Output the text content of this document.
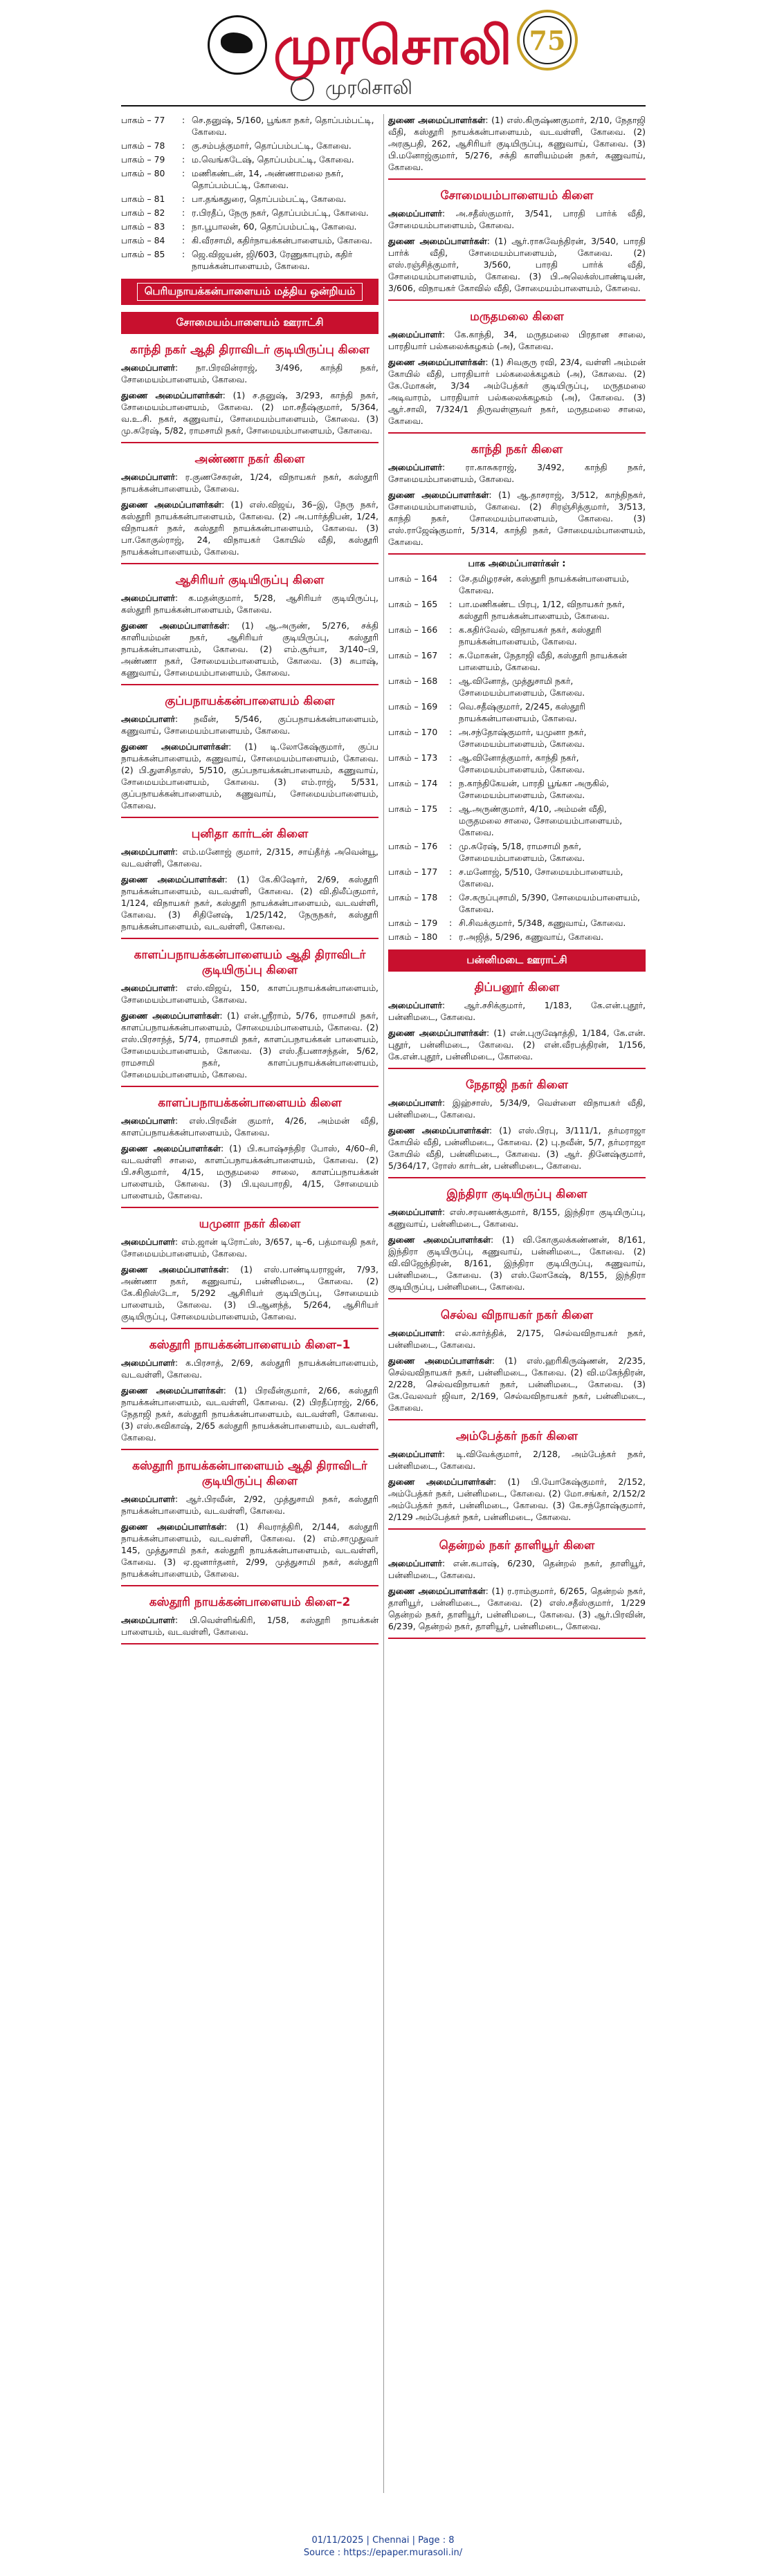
முரசொலி 75
முரசொலி
பாகம் – 77	: செ.தனுஷ், 5/160, பூங்கா நகர், தொப்பம்பட்டி, கோவை.
பாகம் – 78	: கு.சம்பத்குமார், தொப்பம்பட்டி, கோவை.
பாகம் – 79	: ம.வெங்கடேஷ், தொப்பம்பட்டி, கோவை.
பாகம் – 80	: மணிகண்டன், 14, அண்ணாமலை நகர், தொப்பம்பட்டி, கோவை.
பாகம் – 81	: பா.தங்கதுரை, தொப்பம்பட்டி, கோவை.
பாகம் – 82	: ர.பிரதீப், நேரு நகர், தொப்பம்பட்டி, கோவை.
பாகம் – 83	: நா.பூபாலன், 60, தொப்பம்பட்டி, கோவை.
பாகம் – 84	: கி.வீரசாமி, கதிர்நாயக்கன்பாளையம், கோவை.
பாகம் – 85	: ஜெ.விஜயன், ஜி/603, ரேணுகாபுரம், கதிர் நாயக்கன்பாளையம், கோவை.
பெரியநாயக்கன்பாளையம் மத்திய ஒன்றியம்
சோமையம்பாளையம் ஊராட்சி
காந்தி நகர் ஆதி திராவிடர் குடியிருப்பு கிளை
அமைப்பாளர்: நா.பிரவின்ராஜ், 3/496, காந்தி நகர், சோமையம்பாளையம், கோவை.
துணை அமைப்பாளர்கள்: (1) ச.தனுஷ், 3/293, காந்தி நகர், சோமையம்பாளையம், கோவை. (2) மா.சதீஷ்குமார், 5/364, வ.உ.சி. நகர், கணுவாய், சோமையம்பாளையம், கோவை. (3) மு.சுரேஷ், 5/82, ராமசாமி நகர், சோமையம்பாளையம், கோவை.
அண்ணா நகர் கிளை
அமைப்பாளர்: ர.குணசேகரன், 1/24, விநாயகர் நகர், கஸ்தூரி நாயக்கன்பாளையம், கோவை.
துணை அமைப்பாளர்கள்: (1) எஸ்.விஜய், 36–இ, நேரு நகர், கஸ்தூரி நாயக்கன்பாளையம், கோவை. (2) அ.பார்த்திபன், 1/24, விநாயகர் நகர், கஸ்தூரி நாயக்கன்பாளையம், கோவை. (3) பா.கோகுல்ராஜ், 24, விநாயகர் கோயில் வீதி, கஸ்தூரி நாயக்கன்பாளையம், கோவை.
ஆசிரியர் குடியிருப்பு கிளை
அமைப்பாளர்: க.மதன்குமார், 5/28, ஆசிரியர் குடியிருப்பு, கஸ்தூரி நாயக்கன்பாளையம், கோவை.
துணை அமைப்பாளர்கள்: (1) ஆ.அருண், 5/276, சக்தி காளியம்மன் நகர், ஆசிரியர் குடியிருப்பு, கஸ்தூரி நாயக்கன்பாளையம், கோவை. (2) எம்.சூர்யா, 3/140–பி, அண்ணா நகர், சோமையம்பாளையம், கோவை. (3) சுபாஷ், கணுவாய், சோமையம்பாளையம், கோவை.
குப்பநாயக்கன்பாளையம் கிளை
அமைப்பாளர்: நவீன், 5/546, குப்பநாயக்கன்பாளையம், கணுவாய், சோமையம்பாளையம், கோவை.
துணை அமைப்பாளர்கள்: (1) டி.லோகேஷ்குமார், குப்ப நாயக்கன்பாளையம், கணுவாய், சோமையம்பாளையம், கோவை. (2) பி.துளசிதாஸ், 5/510, குப்பநாயக்கன்பாளையம், கணுவாய், சோமையம்பாளையம், கோவை. (3) எம்.ராஜ், 5/531, குப்பநாயக்கன்பாளையம், கணுவாய், சோமையம்பாளையம், கோவை.
புனிதா கார்டன் கிளை
அமைப்பாளர்: எம்.மனோஜ் குமார், 2/315, சாய்தீர்த் அவென்யூ, வடவள்ளி, கோவை.
துணை அமைப்பாளர்கள்: (1) கே.கிஷோர், 2/69, கஸ்தூரி நாயக்கன்பாளையம், வடவள்ளி, கோவை. (2) வி.திலீப்குமார், 1/124, விநாயகர் நகர், கஸ்தூரி நாயக்கன்பாளையம், வடவள்ளி, கோவை. (3) சிதினேஷ், 1/25/142, நேருநகர், கஸ்தூரி நாயக்கன்பாளையம், வடவள்ளி, கோவை.
காளப்பநாயக்கன்பாளையம் ஆதி திராவிடர் குடியிருப்பு கிளை
அமைப்பாளர்: எஸ்.விஜய், 150, காளப்பநாயக்கன்பாளையம், சோமையம்பாளையம், கோவை.
துணை அமைப்பாளர்கள்: (1) என்.ஸ்ரீராம், 5/76, ராமசாமி நகர், காளப்பநாயக்கன்பாளையம், சோமையம்பாளையம், கோவை. (2) எஸ்.பிரசாந்த், 5/74, ராமசாமி நகர், காளப்பநாயக்கன் பாளையம், சோமையம்பாளையம், கோவை. (3) எஸ்.தீபனாசந்தன், 5/62, ராமசாமி நகர், காளப்பநாயக்கன்பாளையம், சோமையம்பாளையம், கோவை.
காளப்பநாயக்கன்பாளையம் கிளை
அமைப்பாளர்: எஸ்.பிரவீன் குமார், 4/26, அம்மன் வீதி, காளப்பநாயக்கன்பாளையம், கோவை.
துணை அமைப்பாளர்கள்: (1) பி.சுபாஷ்சந்திர போஸ், 4/60–சி, வடவள்ளி சாலை, காளப்பநாயக்கன்பாளையம், கோவை. (2) பி.சசிகுமார், 4/15, மருதமலை சாலை, காளப்பநாயக்கன் பாளையம், கோவை. (3) பி.யுவபாரதி, 4/15, சோமையம் பாளையம், கோவை.
யமுனா நகர் கிளை
அமைப்பாளர்: எம்.ஜான் டிரோட்ஸ், 3/657, டி–6, பத்மாவதி நகர், சோமையம்பாளையம், கோவை.
துணை அமைப்பாளர்கள்: (1) எஸ்.பாண்டியராஜன், 7/93, அண்ணா நகர், கணுவாய், பன்னிமடை, கோவை. (2) கே.கிறிஸ்டோ, 5/292 ஆசிரியர் குடியிருப்பு, சோமையம் பாளையம், கோவை. (3) பி.ஆனந்த், 5/264, ஆசிரியர் குடியிருப்பு, சோமையம்பாளையம், கோவை.
கஸ்தூரி நாயக்கன்பாளையம் கிளை–1
அமைப்பாளர்: க.பிரசாத், 2/69, கஸ்தூரி நாயக்கன்பாளையம், வடவள்ளி, கோவை.
துணை அமைப்பாளர்கள்: (1) பிரவீன்குமார், 2/66, கஸ்தூரி நாயக்கன்பாளையம், வடவள்ளி, கோவை. (2) பிரதீப்ராஜ், 2/66, நேதாஜி நகர், கஸ்தூரி நாயக்கன்பாளையம், வடவள்ளி, கோவை. (3) எஸ்.சுவிகாஷ், 2/65 கஸ்தூரி நாயக்கன்பாளையம், வடவள்ளி, கோவை.
கஸ்தூரி நாயக்கன்பாளையம் ஆதி திராவிடர் குடியிருப்பு கிளை
அமைப்பாளர்: ஆர்.பிரவீன், 2/92, முத்துசாமி நகர், கஸ்தூரி நாயக்கன்பாளையம், வடவள்ளி, கோவை.
துணை அமைப்பாளர்கள்: (1) சிவராத்திரி, 2/144, கஸ்தூரி நாயக்கன்பாளையம், வடவள்ளி, கோவை. (2) எம்.சாமுதுவர் 145, முத்துசாமி நகர், கஸ்தூரி நாயக்கன்பாளையம், வடவள்ளி, கோவை. (3) ஏ.ஜனார்தனர், 2/99, முத்துசாமி நகர், கஸ்தூரி நாயக்கன்பாளையம், கோவை.
கஸ்தூரி நாயக்கன்பாளையம் கிளை–2
அமைப்பாளர்: பி.வெள்ளிங்கிரி, 1/58, கஸ்தூரி நாயக்கன் பாளையம், வடவள்ளி, கோவை.
துணை அமைப்பாளர்கள்: (1) எஸ்.கிருஷ்ணகுமார், 2/10, நேதாஜி வீதி, கஸ்தூரி நாயக்கன்பாளையம், வடவள்ளி, கோவை. (2) அரசூபதி, 262, ஆசிரியர் குடியிருப்பு, கணுவாய், கோவை. (3) பி.மனோஜ்குமார், 5/276, சக்தி காளியம்மன் நகர், கணுவாய், கோவை.
சோமையம்பாளையம் கிளை
அமைப்பாளர்: அ.சதீஸ்குமார், 3/541, பாரதி பார்க் வீதி, சோமையம்பாளையம், கோவை.
துணை அமைப்பாளர்கள்: (1) ஆர்.ராகவேந்திரன், 3/540, பாரதி பார்க் வீதி, சோமையம்பாளையம், கோவை. (2) எஸ்.ரஞ்சித்குமார், 3/560, பாரதி பார்க் வீதி, சோமையம்பாளையம், கோவை. (3) பி.அலெக்ஸ்பாண்டியன், 3/606, விநாயகர் கோவில் வீதி, சோமையம்பாளையம், கோவை.
மருதமலை கிளை
அமைப்பாளர்: கே.காந்தி, 34, மருதமலை பிரதான சாலை, பாரதியார் பல்கலைக்கழகம் (அ), கோவை.
துணை அமைப்பாளர்கள்: (1) சிவகுரு ரவி, 23/4, வள்ளி அம்மன் கோயில் வீதி, பாரதியார் பல்கலைக்கழகம் (அ), கோவை. (2) கே.மோகன், 3/34 அம்பேத்கர் குடியிருப்பு, மருதமலை அடிவாரம், பாரதியார் பல்கலைக்கழகம் (அ), கோவை. (3) ஆர்.சாலி, 7/324/1 திருவள்ளுவர் நகர், மருதமலை சாலை, கோவை.
காந்தி நகர் கிளை
அமைப்பாளர்: ரா.காசுகராஜ், 3/492, காந்தி நகர், சோமையம்பாளையம், கோவை.
துணை அமைப்பாளர்கள்: (1) ஆ.தாசராஜ், 3/512, காந்திநகர், சோமையம்பாளையம், கோவை. (2) சிரஞ்சித்குமார், 3/513, காந்தி நகர், சோமையம்பாளையம், கோவை. (3) எஸ்.ராஜேஷ்குமார், 5/314, காந்தி நகர், சோமையம்பாளையம், கோவை.
பாக அமைப்பாளர்கள் :
பாகம் – 164	: சே.தமிழரசன், கஸ்தூரி நாயக்கன்பாளையம், கோவை.
பாகம் – 165	: பா.மணிகண்ட பிரபு, 1/12, விநாயகர் நகர், கஸ்தூரி நாயக்கன்பாளையம், கோவை.
பாகம் – 166	: க.கதிர்வேல், விநாயகர் நகர், கஸ்தூரி நாயக்கன்பாளையம், கோவை.
பாகம் – 167	: சு.மோகன், நேதாஜி வீதி, கஸ்தூரி நாயக்கன் பாளையம், கோவை.
பாகம் – 168	: ஆ.வினோத், முத்துசாமி நகர், சோமையம்பாளையம், கோவை.
பாகம் – 169	: வெ.சதீஷ்குமார், 2/245, கஸ்தூரி நாயக்கன்பாளையம், கோவை.
பாகம் – 170	: அ.சந்தோஷ்குமார், யமுனா நகர், சோமையம்பாளையம், கோவை.
பாகம் – 173	: ஆ.வினோத்குமார், காந்தி நகர், சோமையம்பாளையம், கோவை.
பாகம் – 174	: ந.காந்திகேயன், பாரதி பூங்கா அருகில், சோமையம்பாளையம், கோவை.
பாகம் – 175	: ஆ.அருண்குமார், 4/10, அம்மன் வீதி, மருதமலை சாலை, சோமையம்பாளையம், கோவை.
பாகம் – 176	: மு.சுரேஷ், 5/18, ராமசாமி நகர், சோமையம்பாளையம், கோவை.
பாகம் – 177	: ச.மனோஜ், 5/510, சோமையம்பாளையம், கோவை.
பாகம் – 178	: சே.கருப்புசாமி, 5/390, சோமையம்பாளையம், கோவை.
பாகம் – 179	: சி.சிவக்குமார், 5/348, கணுவாய், கோவை.
பாகம் – 180	: ர.அஜித், 5/296, கணுவாய், கோவை.
பன்னிமடை ஊராட்சி
திப்பனூர் கிளை
அமைப்பாளர்: ஆர்.சசிக்குமார், 1/183, கே.என்.புதூர், பன்னிமடை, கோவை.
துணை அமைப்பாளர்கள்: (1) என்.புருஷோத்தி, 1/184, கே.என். புதூர், பன்னிமடை, கோவை. (2) என்.வீரபத்திரன், 1/156, கே.என்.புதூர், பன்னிமடை, கோவை.
நேதாஜி நகர் கிளை
அமைப்பாளர்: இஹ்சாஸ், 5/34/9, வெள்ளை விநாயகர் வீதி, பன்னிமடை, கோவை.
துணை அமைப்பாளர்கள்: (1) எஸ்.பிரபு, 3/111/1, தர்மராஜா கோயில் வீதி, பன்னிமடை, கோவை. (2) பு.நவீன், 5/7, தர்மராஜா கோயில் வீதி, பன்னிமடை, கோவை. (3) ஆர். தினேஷ்குமார், 5/364/17, ரோஸ் கார்டன், பன்னிமடை, கோவை.
இந்திரா குடியிருப்பு கிளை
அமைப்பாளர்: எஸ்.சரவணக்குமார், 8/155, இந்திரா குடியிருப்பு, கணுவாய், பன்னிமடை, கோவை.
துணை அமைப்பாளர்கள்: (1) வி.கோகுலக்கண்ணன், 8/161, இந்திரா குடியிருப்பு, கணுவாய், பன்னிமடை, கோவை. (2) வி.விஜேந்திரன், 8/161, இந்திரா குடியிருப்பு, கணுவாய், பன்னிமடை, கோவை. (3) எஸ்.லோகேஷ், 8/155, இந்திரா குடியிருப்பு, பன்னிமடை, கோவை.
செல்வ விநாயகர் நகர் கிளை
அமைப்பாளர்: எல்.கார்த்திக், 2/175, செல்வவிநாயகர் நகர், பன்னிமடை, கோவை.
துணை அமைப்பாளர்கள்: (1) எஸ்.ஹரிகிருஷ்ணன், 2/235, செல்வவிநாயகர் நகர், பன்னிமடை, கோவை. (2) வி.மகேந்திரன், 2/228, செல்வவிநாயகர் நகர், பன்னிமடை, கோவை. (3) கே.வேலவர் ஜிவா, 2/169, செல்வவிநாயகர் நகர், பன்னிமடை, கோவை.
அம்பேத்கர் நகர் கிளை
அமைப்பாளர்: டி.விவேக்குமார், 2/128, அம்பேத்கர் நகர், பன்னிமடை, கோவை.
துணை அமைப்பாளர்கள்: (1) பி.யோகேஷ்குமார், 2/152, அம்பேத்கர் நகர், பன்னிமடை, கோவை. (2) மோ.சங்கர், 2/152/2 அம்பேத்கர் நகர், பன்னிமடை, கோவை. (3) கே.சந்தோஷ்குமார், 2/129 அம்பேத்கர் நகர், பன்னிமடை, கோவை.
தென்றல் நகர் தாளியூர் கிளை
அமைப்பாளர்: என்.கபாஷ், 6/230, தென்றல் நகர், தாளியூர், பன்னிமடை, கோவை.
துணை அமைப்பாளர்கள்: (1) ர.ராம்குமார், 6/265, தென்றல் நகர், தாளியூர், பன்னிமடை, கோவை. (2) எஸ்.சதீஸ்குமார், 1/229 தென்றல் நகர், தாளியூர், பன்னிமடை, கோவை. (3) ஆர்.பிரவின், 6/239, தென்றல் நகர், தாளியூர், பன்னிமடை, கோவை.
01/11/2025 | Chennai | Page : 8
Source : https://epaper.murasoli.in/
